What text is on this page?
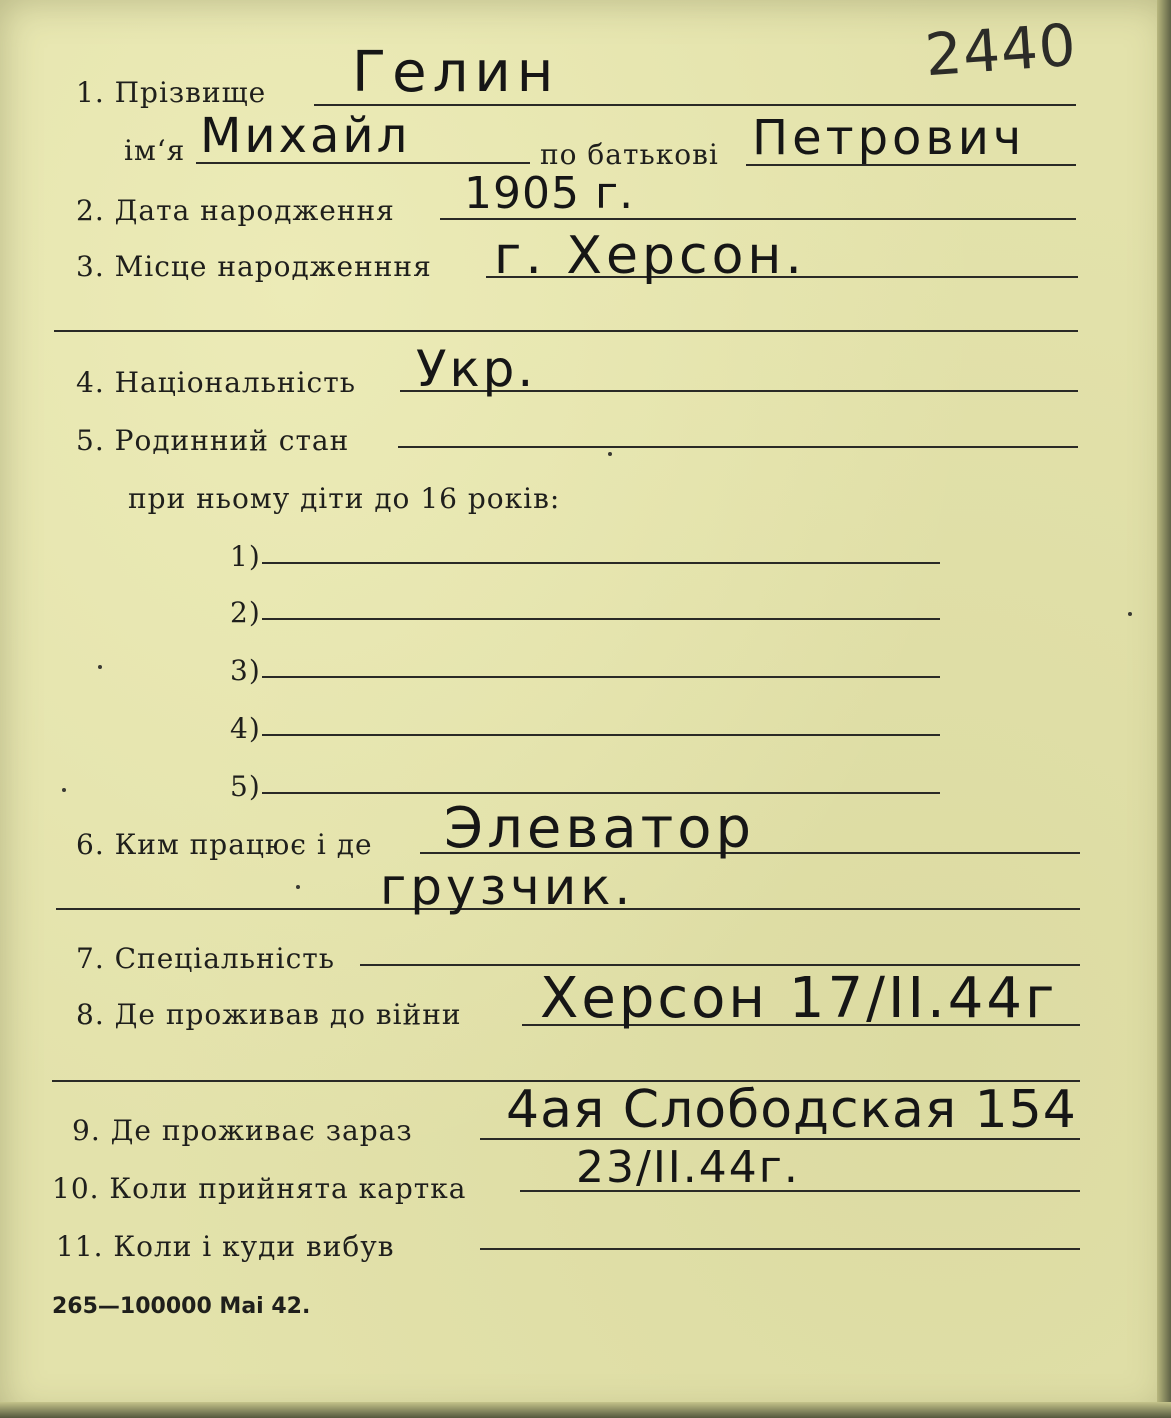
2440
1. Прізвище Гелин
ім‘я Михайл	по батькові Петрович
2. Дата народження 1905 г.
3. Місце народженння г. Херсон.
4. Національність Укр.
5. Родинний стан
при ньому діти до 16 років:
1)
2)
3)
4)
5)
6. Ким працює і де Элеватор
грузчик.
7. Спеціальність
8. Де проживав до війни Херсон 17/II.44г
9. Де проживає зараз 4ая Слободская 154
10. Коли прийнята картка 23/II.44г.
11. Коли і куди вибув
265—100000 Mai 42.
